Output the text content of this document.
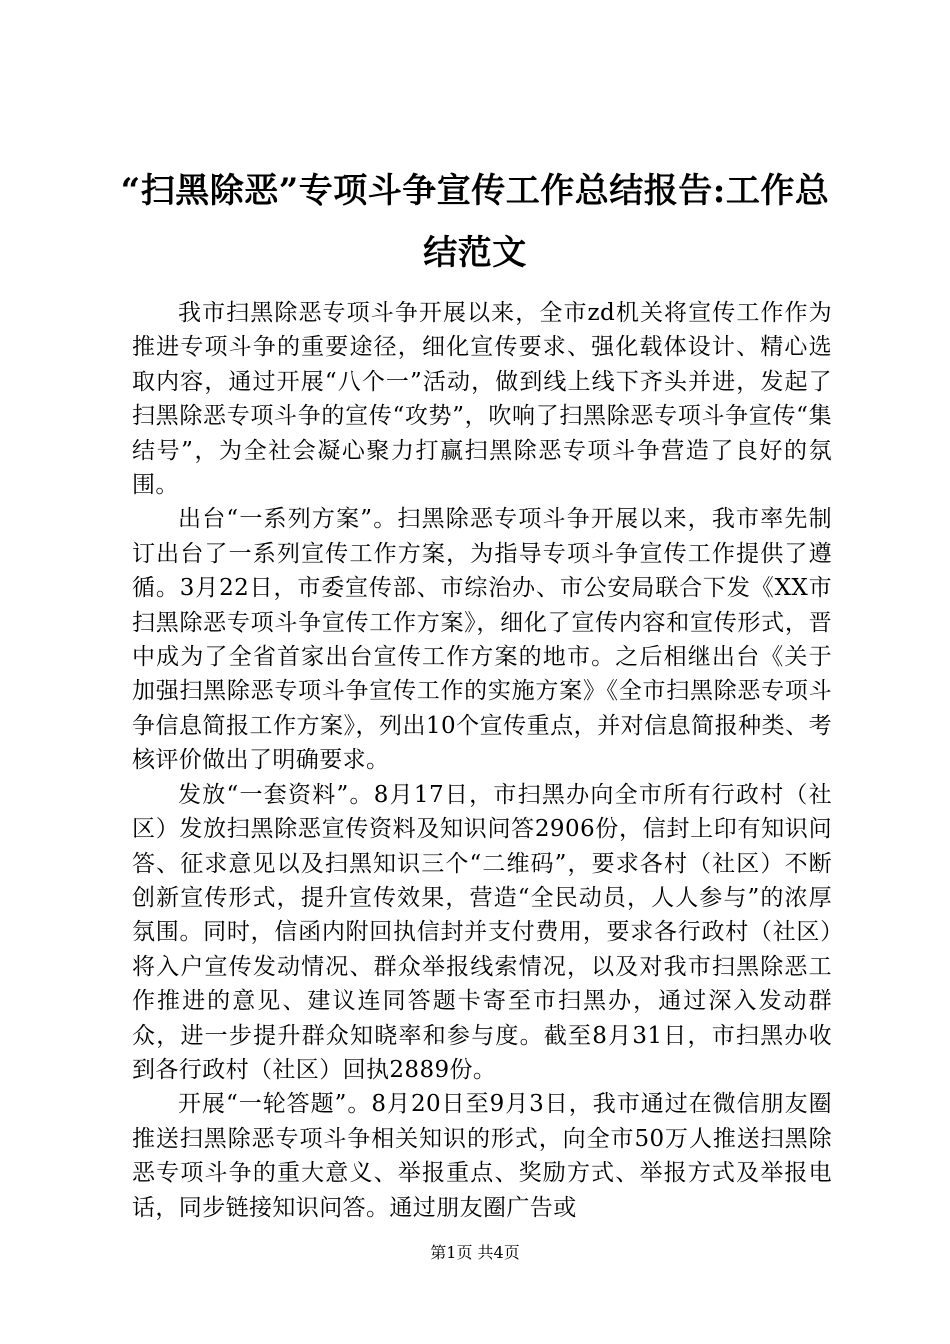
“扫黑除恶”专项斗争宣传工作总结报告:工作总结范文

我市扫黑除恶专项斗争开展以来，全市zd机关将宣传工作作为推进专项斗争的重要途径，细化宣传要求、强化载体设计、精心选取内容，通过开展“八个一”活动，做到线上线下齐头并进，发起了扫黑除恶专项斗争的宣传“攻势”，吹响了扫黑除恶专项斗争宣传“集结号”，为全社会凝心聚力打赢扫黑除恶专项斗争营造了良好的氛围。

出台“一系列方案”。扫黑除恶专项斗争开展以来，我市率先制订出台了一系列宣传工作方案，为指导专项斗争宣传工作提供了遵循。3月22日，市委宣传部、市综治办、市公安局联合下发《XX市扫黑除恶专项斗争宣传工作方案》，细化了宣传内容和宣传形式，晋中成为了全省首家出台宣传工作方案的地市。之后相继出台《关于加强扫黑除恶专项斗争宣传工作的实施方案》《全市扫黑除恶专项斗争信息简报工作方案》，列出10个宣传重点，并对信息简报种类、考核评价做出了明确要求。

发放“一套资料”。8月17日，市扫黑办向全市所有行政村（社区）发放扫黑除恶宣传资料及知识问答2906份，信封上印有知识问答、征求意见以及扫黑知识三个“二维码”，要求各村（社区）不断创新宣传形式，提升宣传效果，营造“全民动员，人人参与”的浓厚氛围。同时，信函内附回执信封并支付费用，要求各行政村（社区）将入户宣传发动情况、群众举报线索情况，以及对我市扫黑除恶工作推进的意见、建议连同答题卡寄至市扫黑办，通过深入发动群众，进一步提升群众知晓率和参与度。截至8月31日，市扫黑办收到各行政村（社区）回执2889份。

开展“一轮答题”。8月20日至9月3日，我市通过在微信朋友圈推送扫黑除恶专项斗争相关知识的形式，向全市50万人推送扫黑除恶专项斗争的重大意义、举报重点、奖励方式、举报方式及举报电话，同步链接知识问答。通过朋友圈广告或

第1页 共4页
